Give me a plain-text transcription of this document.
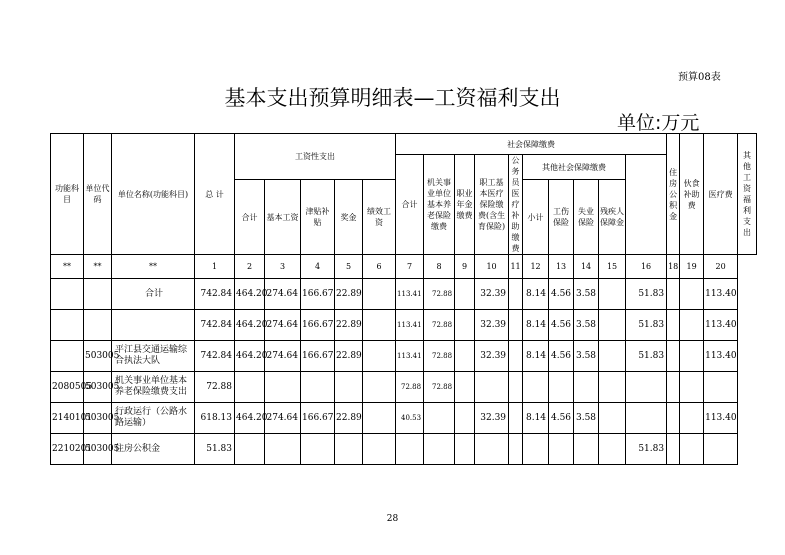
预算08表
基本支出预算明细表—工资福利支出
单位:万元
功能科目	单位代码	单位名称(功能科目)	总 计	工资性支出					社会保障缴费										住房公积金	伙食补助费	医疗费	其他工资福利支出
									合计	机关事业单位基本养老保险缴费	职业年金缴费	职工基本医疗保险缴费(含生育保险)	公务员医疗补助缴费	其他社会保障缴费								
				合计	基本工资	津贴补贴	奖金	绩效工资						小计	工伤保险	失业保险	残疾人保障金					

**	**	**	1	2	3	4	5	6	7	8	9	10	11	12	13	14	15	16	18	19	20	
		合计	742.84	464.20	274.64	166.67	22.89		113.41	72.88		32.39		8.14	4.56	3.58		51.83			113.40	
			742.84	464.20	274.64	166.67	22.89		113.41	72.88		32.39		8.14	4.56	3.58		51.83			113.40	
	503005	平江县交通运输综合执法大队	742.84	464.20	274.64	166.67	22.89		113.41	72.88		32.39		8.14	4.56	3.58		51.83			113.40	
2080505	503005	机关事业单位基本养老保险缴费支出	72.88						72.88	72.88												
2140101	503005	行政运行（公路水路运输）	618.13	464.20	274.64	166.67	22.89		40.53			32.39		8.14	4.56	3.58					113.40	
2210201	503005	住房公积金	51.83															51.83				
28
